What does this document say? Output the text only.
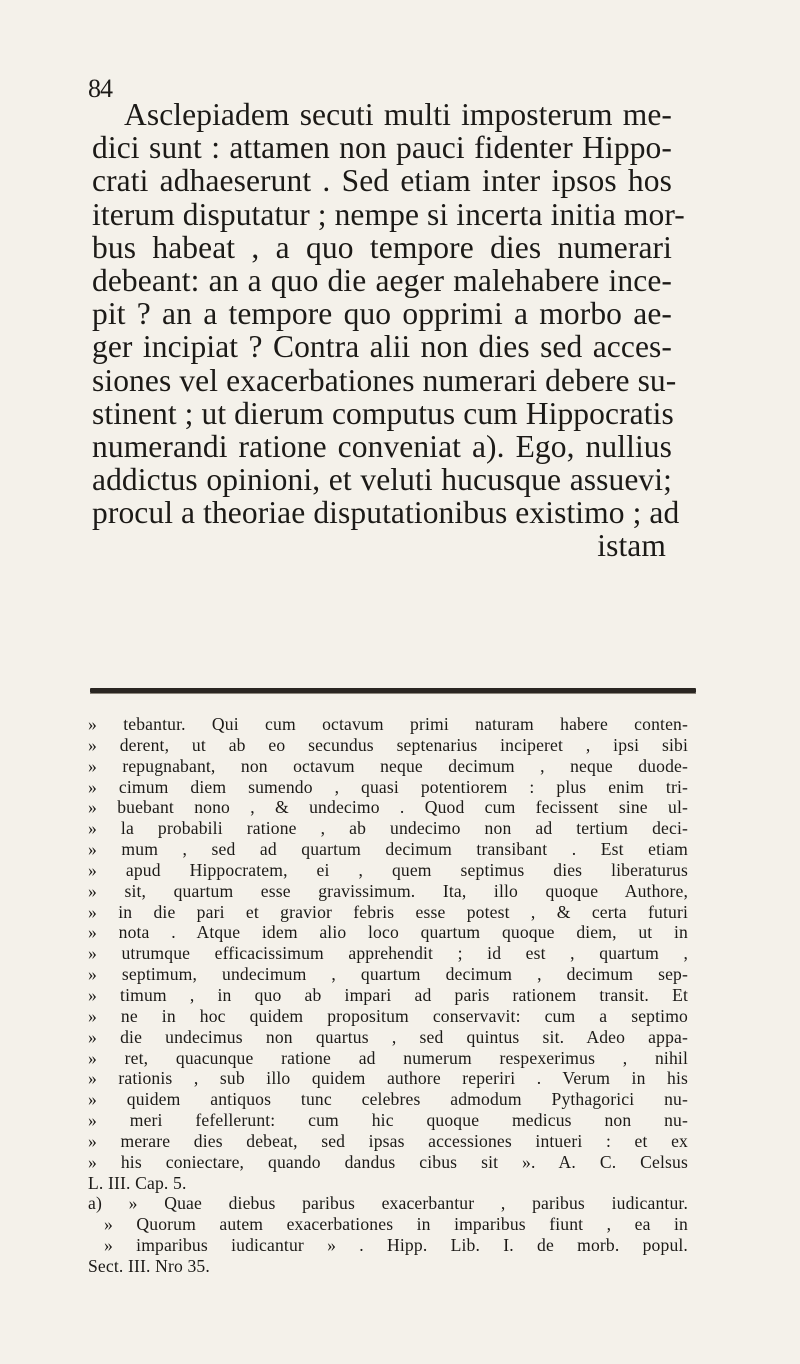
84
Asclepiadem secuti multi imposterum me-
dici sunt : attamen non pauci fidenter Hippo-
crati adhaeserunt . Sed etiam inter ipsos hos
iterum disputatur ; nempe si incerta initia mor-
bus habeat , a quo tempore dies numerari
debeant: an a quo die aeger malehabere ince-
pit ? an a tempore quo opprimi a morbo ae-
ger incipiat ? Contra alii non dies sed acces-
siones vel exacerbationes numerari debere su-
stinent ; ut dierum computus cum Hippocratis
numerandi ratione conveniat a). Ego, nullius
addictus opinioni, et veluti hucusque assuevi;
procul a theoriae disputationibus existimo ; ad
istam
» tebantur. Qui cum octavum primi naturam habere conten-
» derent, ut ab eo secundus septenarius inciperet , ipsi sibi
» repugnabant, non octavum neque decimum , neque duode-
» cimum diem sumendo , quasi potentiorem : plus enim tri-
» buebant nono , & undecimo . Quod cum fecissent sine ul-
» la probabili ratione , ab undecimo non ad tertium deci-
» mum , sed ad quartum decimum transibant . Est etiam
» apud Hippocratem, ei , quem septimus dies liberaturus
» sit, quartum esse gravissimum. Ita, illo quoque Authore,
» in die pari et gravior febris esse potest , & certa futuri
» nota . Atque idem alio loco quartum quoque diem, ut in
» utrumque efficacissimum apprehendit ; id est , quartum ,
» septimum, undecimum , quartum decimum , decimum sep-
» timum , in quo ab impari ad paris rationem transit. Et
» ne in hoc quidem propositum conservavit: cum a septimo
» die undecimus non quartus , sed quintus sit. Adeo appa-
» ret, quacunque ratione ad numerum respexerimus , nihil
» rationis , sub illo quidem authore reperiri . Verum in his
» quidem antiquos tunc celebres admodum Pythagorici nu-
» meri fefellerunt: cum hic quoque medicus non nu-
» merare dies debeat, sed ipsas accessiones intueri : et ex
» his coniectare, quando dandus cibus sit ». A. C. Celsus
L. III. Cap. 5.
a) » Quae diebus paribus exacerbantur , paribus iudicantur.
» Quorum autem exacerbationes in imparibus fiunt , ea in
» imparibus iudicantur » . Hipp. Lib. I. de morb. popul.
Sect. III. Nro 35.
